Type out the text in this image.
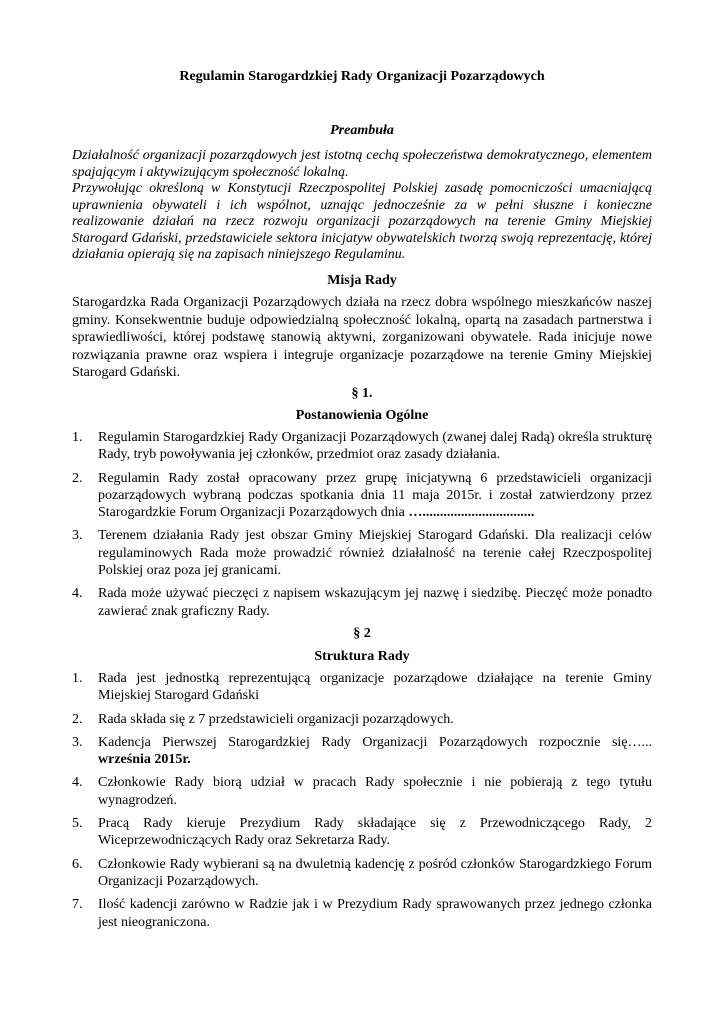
Regulamin Starogardzkiej Rady Organizacji Pozarządowych
Preambuła
Działalność organizacji pozarządowych jest istotną cechą społeczeństwa demokratycznego, elementem spajającym i aktywizującym społeczność lokalną.
Przywołując określoną w Konstytucji Rzeczpospolitej Polskiej zasadę pomocniczości umacniającą uprawnienia obywateli i ich wspólnot, uznając jednocześnie za w pełni słuszne i konieczne realizowanie działań na rzecz rozwoju organizacji pozarządowych na terenie Gminy Miejskiej Starogard Gdański, przedstawiciele sektora inicjatyw obywatelskich tworzą swoją reprezentację, której działania opierają się na zapisach niniejszego Regulaminu.
Misja Rady
Starogardzka Rada Organizacji Pozarządowych działa na rzecz dobra wspólnego mieszkańców naszej gminy. Konsekwentnie buduje odpowiedzialną społeczność lokalną, opartą na zasadach partnerstwa i sprawiedliwości, której podstawę stanowią aktywni, zorganizowani obywatele. Rada inicjuje nowe rozwiązania prawne oraz wspiera i integruje organizacje pozarządowe na terenie Gminy Miejskiej Starogard Gdański.
§ 1.
Postanowienia Ogólne
1. Regulamin Starogardzkiej Rady Organizacji Pozarządowych (zwanej dalej Radą) określa strukturę Rady, tryb powoływania jej członków, przedmiot oraz zasady działania.
2. Regulamin Rady został opracowany przez grupę inicjatywną 6 przedstawicieli organizacji pozarządowych wybraną podczas spotkania dnia 11 maja 2015r. i został zatwierdzony przez Starogardzkie Forum Organizacji Pozarządowych dnia …................................
3. Terenem działania Rady jest obszar Gminy Miejskiej Starogard Gdański. Dla realizacji celów regulaminowych Rada może prowadzić również działalność na terenie całej Rzeczpospolitej Polskiej oraz poza jej granicami.
4. Rada może używać pieczęci z napisem wskazującym jej nazwę i siedzibę. Pieczęć może ponadto zawierać znak graficzny Rady.
§ 2
Struktura Rady
1. Rada jest jednostką reprezentującą organizacje pozarządowe działające na terenie Gminy Miejskiej Starogard Gdański
2. Rada składa się z 7 przedstawicieli organizacji pozarządowych.
3. Kadencja Pierwszej Starogardzkiej Rady Organizacji Pozarządowych rozpocznie się…... września 2015r.
4. Członkowie Rady biorą udział w pracach Rady społecznie i nie pobierają z tego tytułu wynagrodzeń.
5. Pracą Rady kieruje Prezydium Rady składające się z Przewodniczącego Rady, 2 Wiceprzewodniczących Rady oraz Sekretarza Rady.
6. Członkowie Rady wybierani są na dwuletnią kadencję z pośród członków Starogardzkiego Forum Organizacji Pozarządowych.
7. Ilość kadencji zarówno w Radzie jak i w Prezydium Rady sprawowanych przez jednego członka jest nieograniczona.
